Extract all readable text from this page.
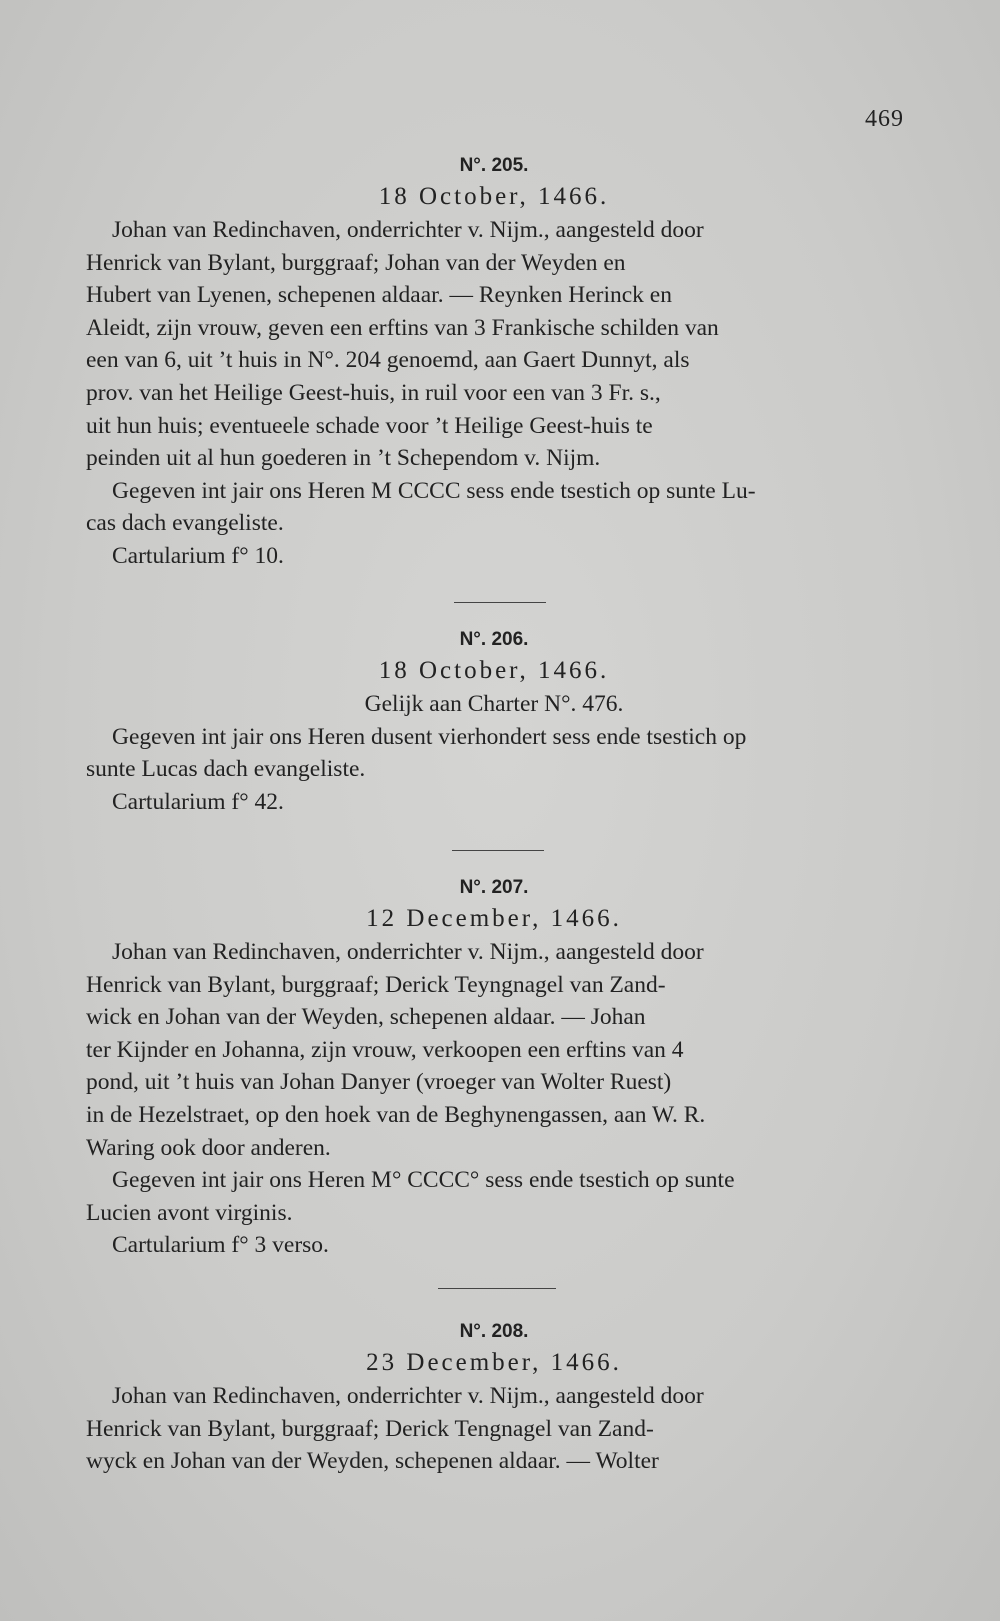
469

N°. 205.

18 October, 1466.

Johan van Redinchaven, onderrichter v. Nijm., aangesteld door
Henrick van Bylant, burggraaf; Johan van der Weyden en
Hubert van Lyenen, schepenen aldaar. — Reynken Herinck en
Aleidt, zijn vrouw, geven een erftins van 3 Frankische schilden van
een van 6, uit ’t huis in N°. 204 genoemd, aan Gaert Dunnyt, als
prov. van het Heilige Geest-huis, in ruil voor een van 3 Fr. s.,
uit hun huis; eventueele schade voor ’t Heilige Geest-huis te
peinden uit al hun goederen in ’t Schependom v. Nijm.
Gegeven int jair ons Heren M CCCC sess ende tsestich op sunte Lu-
cas dach evangeliste.
Cartularium f° 10.

N°. 206.

18 October, 1466.

Gelijk aan Charter N°. 476.

Gegeven int jair ons Heren dusent vierhondert sess ende tsestich op
sunte Lucas dach evangeliste.
Cartularium f° 42.

N°. 207.

12 December, 1466.

Johan van Redinchaven, onderrichter v. Nijm., aangesteld door
Henrick van Bylant, burggraaf; Derick Teyngnagel van Zand-
wick en Johan van der Weyden, schepenen aldaar. — Johan
ter Kijnder en Johanna, zijn vrouw, verkoopen een erftins van 4
pond, uit ’t huis van Johan Danyer (vroeger van Wolter Ruest)
in de Hezelstraet, op den hoek van de Beghynengassen, aan W. R.
Waring ook door anderen.
Gegeven int jair ons Heren M° CCCC° sess ende tsestich op sunte
Lucien avont virginis.
Cartularium f° 3 verso.

N°. 208.

23 December, 1466.

Johan van Redinchaven, onderrichter v. Nijm., aangesteld door
Henrick van Bylant, burggraaf; Derick Tengnagel van Zand-
wyck en Johan van der Weyden, schepenen aldaar. — Wolter
